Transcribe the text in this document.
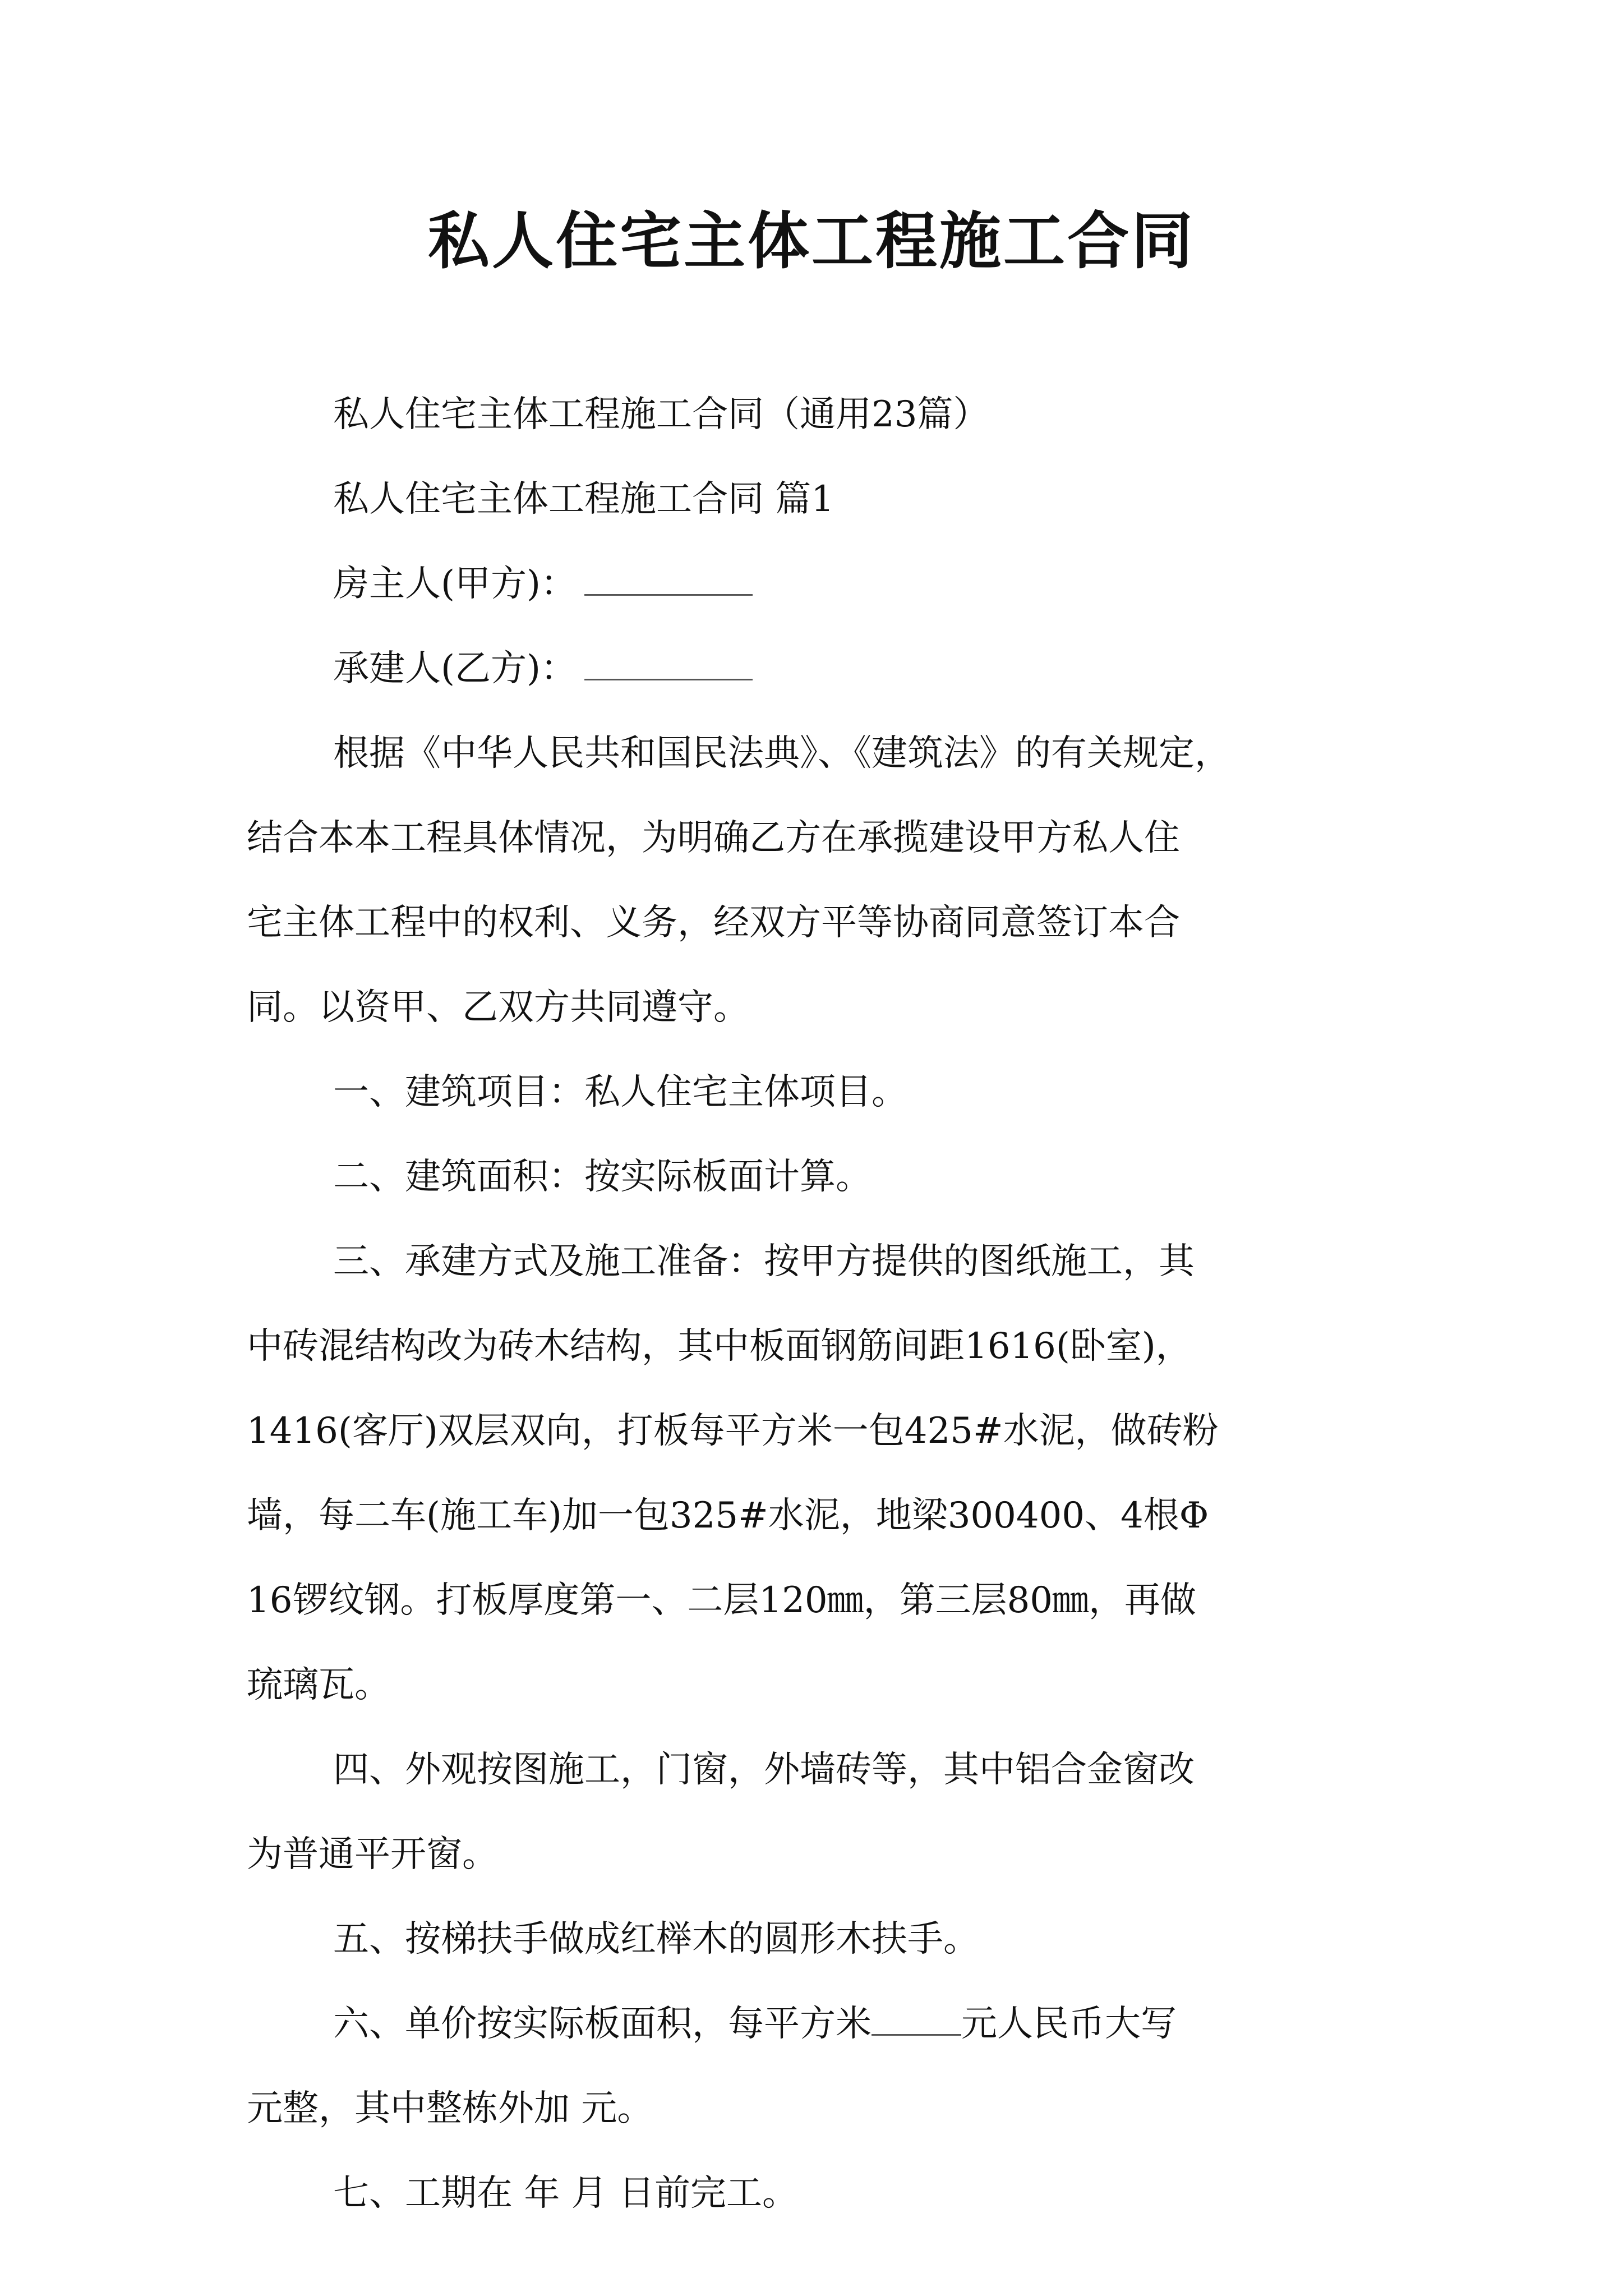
私人住宅主体工程施工合同

私人住宅主体工程施工合同（通用23篇）

私人住宅主体工程施工合同 篇1

房主人(甲方)：

承建人(乙方)：

根据《中华人民共和国民法典》、《建筑法》的有关规定，
结合本本工程具体情况，为明确乙方在承揽建设甲方私人住
宅主体工程中的权利、义务，经双方平等协商同意签订本合
同。以资甲、乙双方共同遵守。

一、建筑项目：私人住宅主体项目。

二、建筑面积：按实际板面计算。

三、承建方式及施工准备：按甲方提供的图纸施工，其
中砖混结构改为砖木结构，其中板面钢筋间距1616(卧室)，
1416(客厅)双层双向，打板每平方米一包425#水泥，做砖粉
墙，每二车(施工车)加一包325#水泥，地梁300400、4根Φ
16锣纹钢。打板厚度第一、二层120㎜，第三层80㎜，再做
琉璃瓦。

四、外观按图施工，门窗，外墙砖等，其中铝合金窗改
为普通平开窗。

五、按梯扶手做成红榉木的圆形木扶手。

六、单价按实际板面积，每平方米	元人民币大写
元整，其中整栋外加 元。

七、工期在 年 月 日前完工。
